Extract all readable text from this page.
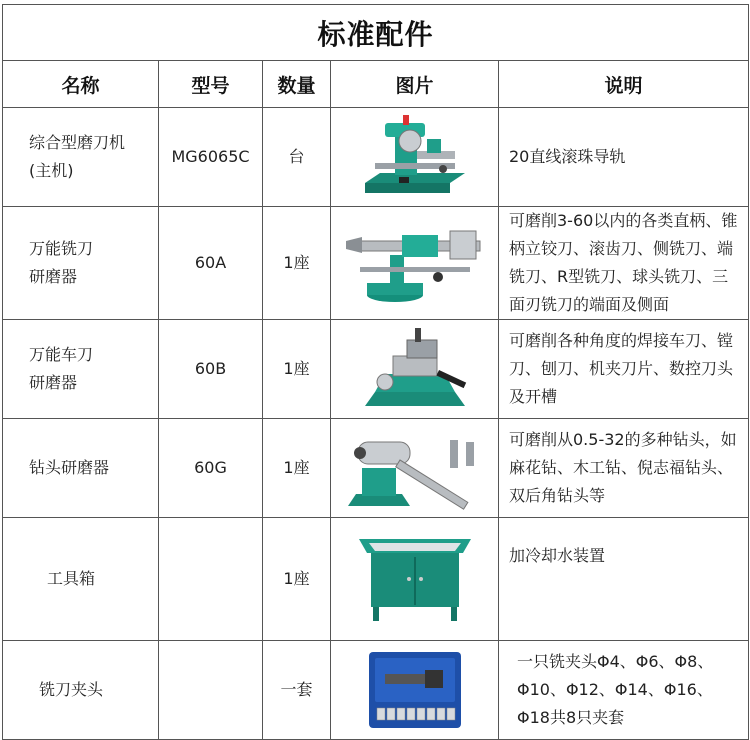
标准配件				
名称	型号	数量	图片	说明
综合型磨刀机
(主机)	MG6065C	台		20直线滚珠导轨
万能铣刀
研磨器	60A	1座		可磨削3-60以内的各类直柄、锥柄立铰刀、滚齿刀、侧铣刀、端铣刀、R型铣刀、球头铣刀、三面刃铣刀的端面及侧面
万能车刀
研磨器	60B	1座		可磨削各种角度的焊接车刀、镗刀、刨刀、机夹刀片、数控刀头及开槽
钻头研磨器	60G	1座		可磨削从0.5-32的多种钻头，如麻花钻、木工钻、倪志福钻头、双后角钻头等
工具箱		1座		加冷却水装置
铣刀夹头		一套		一只铣夹头Φ4、Φ6、Φ8、Φ10、Φ12、Φ14、Φ16、Φ18共8只夹套
